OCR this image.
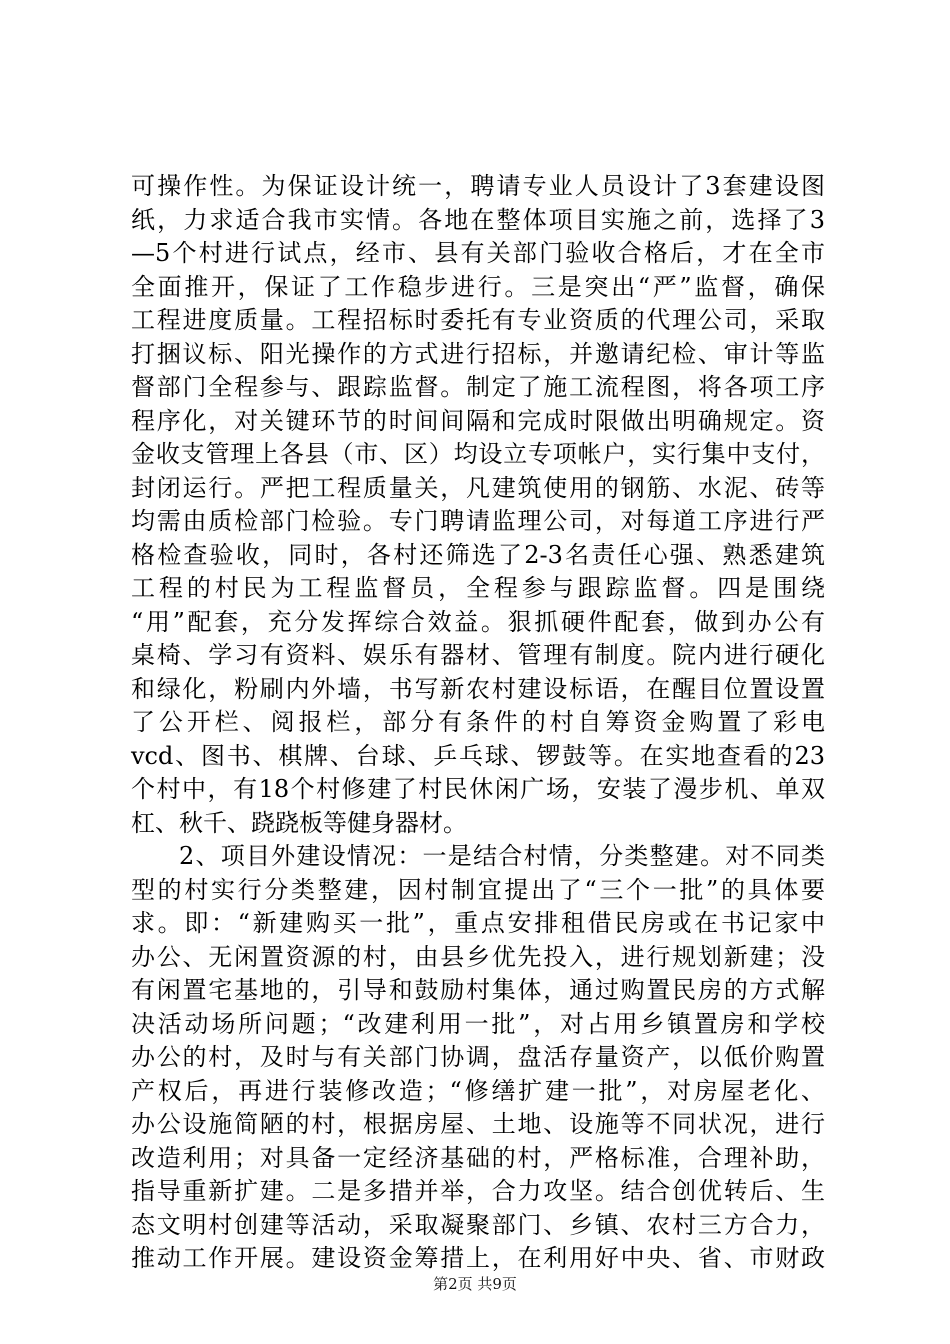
可操作性。为保证设计统一，聘请专业人员设计了3套建设图
纸，力求适合我市实情。各地在整体项目实施之前，选择了3
—5个村进行试点，经市、县有关部门验收合格后，才在全市
全面推开，保证了工作稳步进行。三是突出“严”监督，确保
工程进度质量。工程招标时委托有专业资质的代理公司，采取
打捆议标、阳光操作的方式进行招标，并邀请纪检、审计等监
督部门全程参与、跟踪监督。制定了施工流程图，将各项工序
程序化，对关键环节的时间间隔和完成时限做出明确规定。资
金收支管理上各县（市、区）均设立专项帐户，实行集中支付，
封闭运行。严把工程质量关，凡建筑使用的钢筋、水泥、砖等
均需由质检部门检验。专门聘请监理公司，对每道工序进行严
格检查验收，同时，各村还筛选了2-3名责任心强、熟悉建筑
工程的村民为工程监督员，全程参与跟踪监督。四是围绕
“用”配套，充分发挥综合效益。狠抓硬件配套，做到办公有
桌椅、学习有资料、娱乐有器材、管理有制度。院内进行硬化
和绿化，粉刷内外墙，书写新农村建设标语，在醒目位置设置
了公开栏、阅报栏，部分有条件的村自筹资金购置了彩电
vcd、图书、棋牌、台球、乒乓球、锣鼓等。在实地查看的23
个村中，有18个村修建了村民休闲广场，安装了漫步机、单双
杠、秋千、跷跷板等健身器材。
2、项目外建设情况：一是结合村情，分类整建。对不同类
型的村实行分类整建，因村制宜提出了“三个一批”的具体要
求。即：“新建购买一批”，重点安排租借民房或在书记家中
办公、无闲置资源的村，由县乡优先投入，进行规划新建；没
有闲置宅基地的，引导和鼓励村集体，通过购置民房的方式解
决活动场所问题；“改建利用一批”，对占用乡镇置房和学校
办公的村，及时与有关部门协调，盘活存量资产，以低价购置
产权后，再进行装修改造；“修缮扩建一批”，对房屋老化、
办公设施简陋的村，根据房屋、土地、设施等不同状况，进行
改造利用；对具备一定经济基础的村，严格标准，合理补助，
指导重新扩建。二是多措并举，合力攻坚。结合创优转后、生
态文明村创建等活动，采取凝聚部门、乡镇、农村三方合力，
推动工作开展。建设资金筹措上，在利用好中央、省、市财政
第2页 共9页
